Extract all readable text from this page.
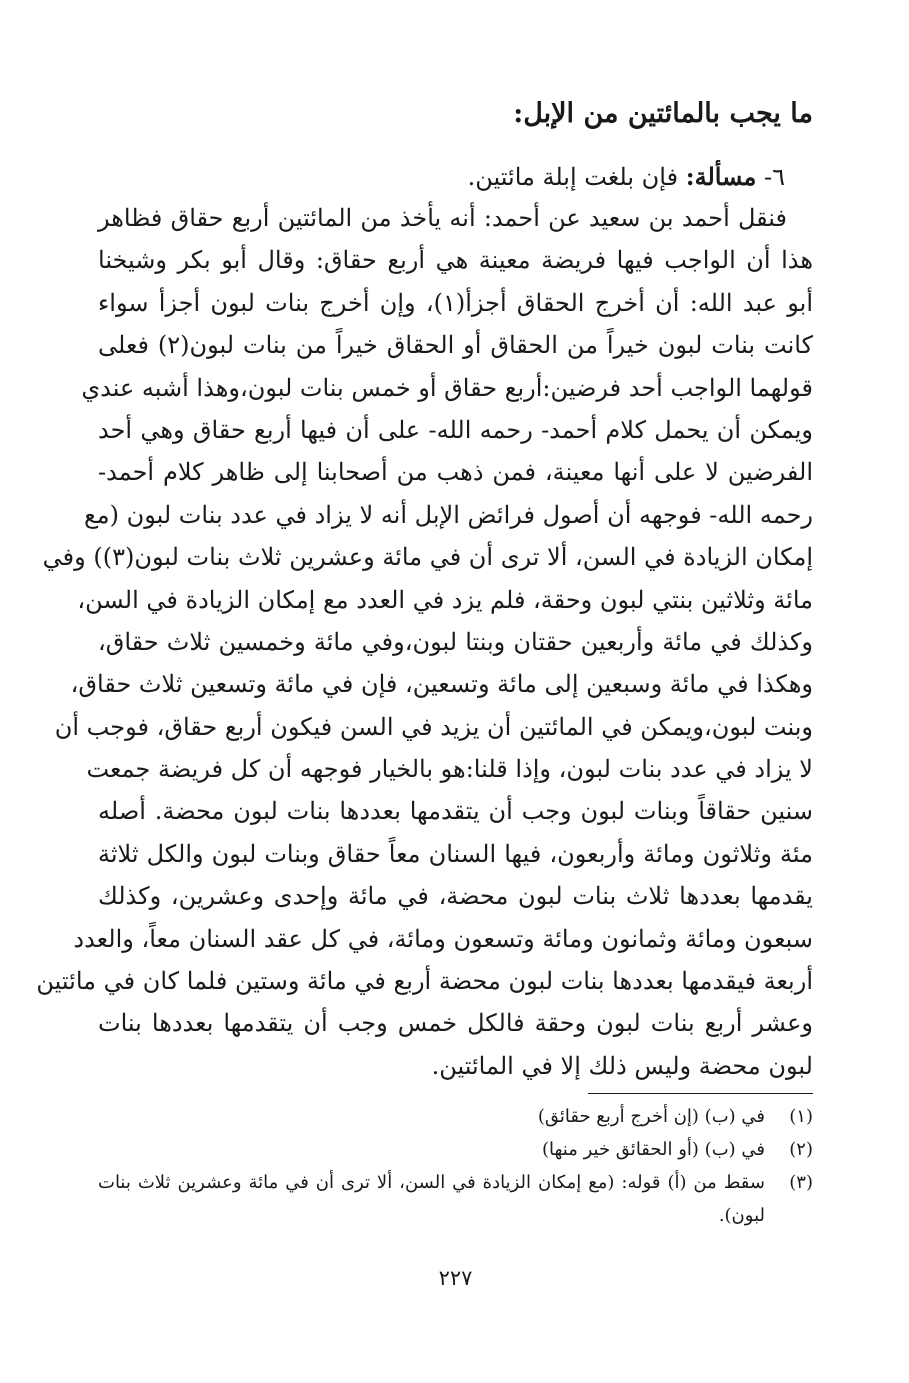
ما يجب بالمائتين من الإبل:
٦- مسألة: فإن بلغت إبلة مائتين.
فنقل أحمد بن سعيد عن أحمد: أنه يأخذ من المائتين أربع حقاق فظاهر
هذا أن الواجب فيها فريضة معينة هي أربع حقاق: وقال أبو بكر وشيخنا
أبو عبد الله: أن أخرج الحقاق أجزأ(١)، وإن أخرج بنات لبون أجزأ سواء
كانت بنات لبون خيراً من الحقاق أو الحقاق خيراً من بنات لبون(٢) فعلى
قولهما الواجب أحد فرضين:أربع حقاق أو خمس بنات لبون،وهذا أشبه عندي
ويمكن أن يحمل كلام أحمد- رحمه الله- على أن فيها أربع حقاق وهي أحد
الفرضين لا على أنها معينة، فمن ذهب من أصحابنا إلى ظاهر كلام أحمد-
رحمه الله- فوجهه أن أصول فرائض الإبل أنه لا يزاد في عدد بنات لبون (مع
إمكان الزيادة في السن، ألا ترى أن في مائة وعشرين ثلاث بنات لبون(٣)) وفي
مائة وثلاثين بنتي لبون وحقة، فلم يزد في العدد مع إمكان الزيادة في السن،
وكذلك في مائة وأربعين حقتان وبنتا لبون،وفي مائة وخمسين ثلاث حقاق،
وهكذا في مائة وسبعين إلى مائة وتسعين، فإن في مائة وتسعين ثلاث حقاق،
وبنت لبون،ويمكن في المائتين أن يزيد في السن فيكون أربع حقاق، فوجب أن
لا يزاد في عدد بنات لبون، وإذا قلنا:هو بالخيار فوجهه أن كل فريضة جمعت
سنين حقاقاً وبنات لبون وجب أن يتقدمها بعددها بنات لبون محضة. أصله
مئة وثلاثون ومائة وأربعون، فيها السنان معاً حقاق وبنات لبون والكل ثلاثة
يقدمها بعددها ثلاث بنات لبون محضة، في مائة وإحدى وعشرين، وكذلك
سبعون ومائة وثمانون ومائة وتسعون ومائة، في كل عقد السنان معاً، والعدد
أربعة فيقدمها بعددها بنات لبون محضة أربع في مائة وستين فلما كان في مائتين
وعشر أربع بنات لبون وحقة فالكل خمس وجب أن يتقدمها بعددها بنات
لبون محضة وليس ذلك إلا في المائتين.
(١)
في (ب) (إن أخرج أربع حقائق)
(٢)
في (ب) (أو الحقائق خير منها)
(٣)
سقط من (أ) قوله: (مع إمكان الزيادة في السن، ألا ترى أن في مائة وعشرين ثلاث بنات لبون).
٢٢٧
